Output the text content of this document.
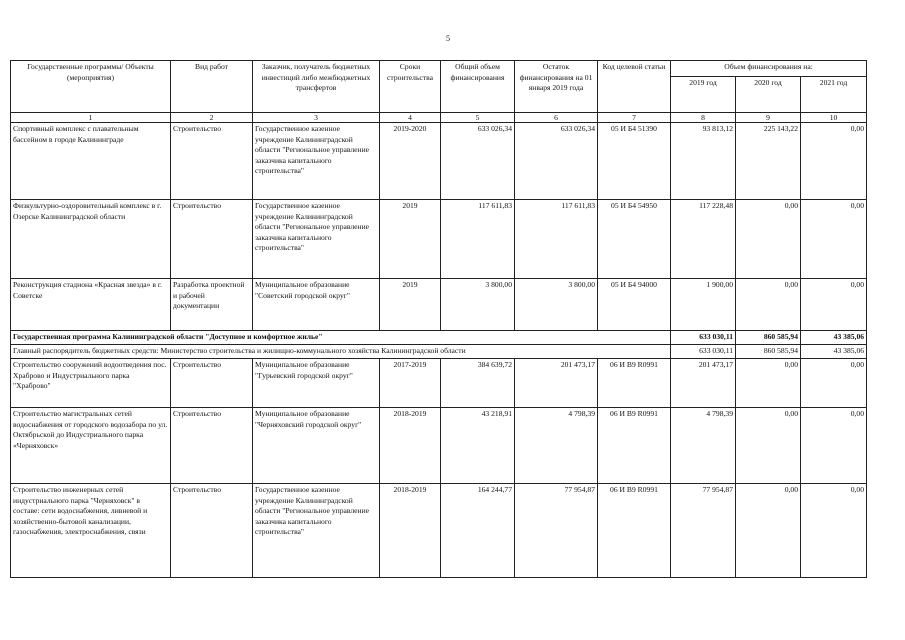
5
Государственные программы/ Объекты (мероприятия)	Вид работ	Заказчик, получатель бюджетных инвестиций либо межбюджетных трансфертов	Сроки строительства	Общий объем финансирования	Остаток финансирования на 01 января 2019 года	Код целевой статьи	Объем финансирования на:		
							2019 год	2020 год	2021 год
1	2	3	4	5	6	7	8	9	10
Спортивный комплекс с плавательным бассейном в городе Калининграде	Строительство	Государственное казенное учреждение Калининградской области "Региональное управление заказчика капитального строительства"	2019-2020	633 026,34	633 026,34	05 И Б4 51390	93 813,12	225 143,22	0,00
Физкультурно-оздоровительный комплекс в г. Озерске Калининградской области	Строительство	Государственное казенное учреждение Калининградской области "Региональное управление заказчика капитального строительства"	2019	117 611,83	117 611,83	05 И Б4 54950	117 228,48	0,00	0,00
Реконструкция стадиона «Красная звезда» в г. Советске	Разработка проектной и рабочей документации	Муниципальное образование "Советский городской округ"	2019	3 800,00	3 800,00	05 И Б4 94000	1 900,00	0,00	0,00
Государственная программа Калининградской области "Доступное и комфортное жилье"							633 030,11	860 585,94	43 385,06
Главный распорядитель бюджетных средств: Министерство строительства и жилищно-коммунального хозяйства Калининградской области							633 030,11	860 585,94	43 385,06
Строительство сооружений водоотведения пос. Храброво и Индустриального парка "Храброво"	Строительство	Муниципальное образование "Гурьевский городской округ"	2017-2019	384 639,72	201 473,17	06 И В9 R0991	201 473,17	0,00	0,00
Строительство магистральных сетей водоснабжения от городского водозабора по ул. Октябрьской до Индустриального парка «Черняховск»	Строительство	Муниципальное образование "Черняховский городской округ"	2018-2019	43 218,91	4 798,39	06 И В9 R0991	4 798,39	0,00	0,00
Строительство инженерных сетей индустриального парка "Черняховск" в составе: сети водоснабжения, ливневой и хозяйственно-бытовой канализации, газоснабжения, электроснабжения, связи	Строительство	Государственное казенное учреждение Калининградской области "Региональное управление заказчика капитального строительства"	2018-2019	164 244,77	77 954,87	06 И В9 R0991	77 954,87	0,00	0,00
